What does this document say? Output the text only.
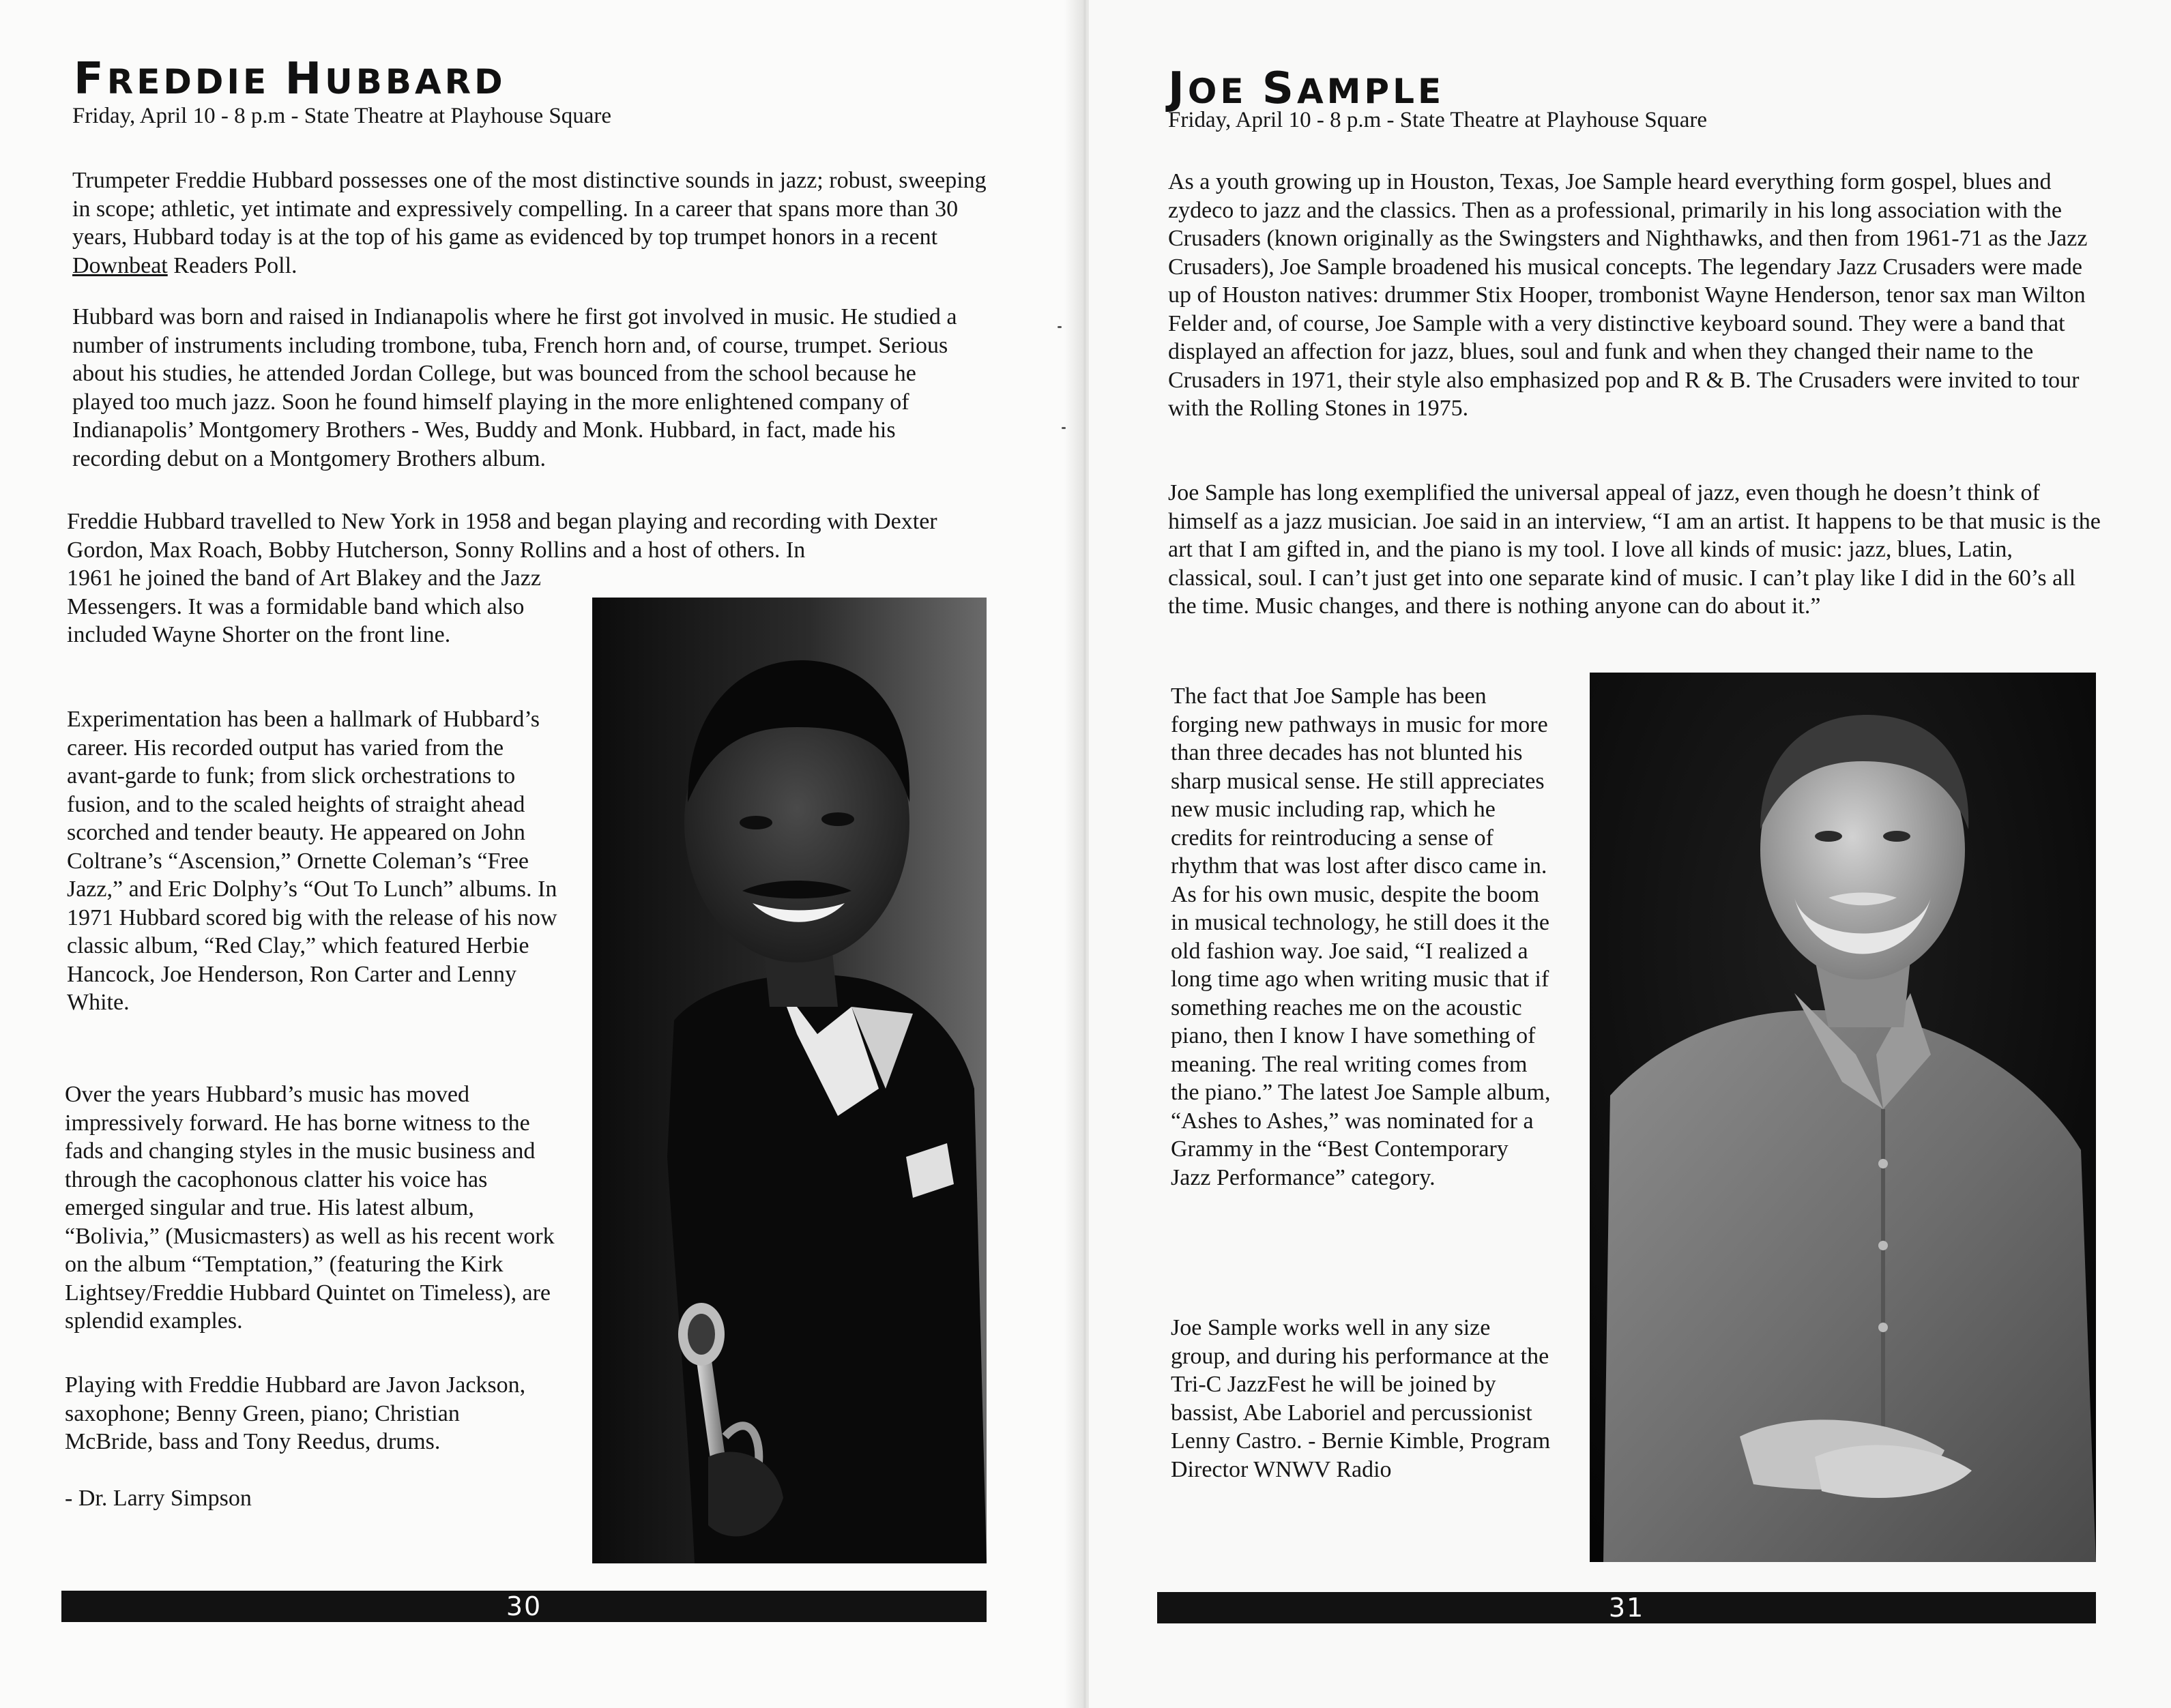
FREDDIE HUBBARD

Friday, April 10 - 8 p.m - State Theatre at Playhouse Square

Trumpeter Freddie Hubbard possesses one of the most distinctive sounds in jazz; robust, sweeping in scope; athletic, yet intimate and expressively compelling. In a career that spans more than 30 years, Hubbard today is at the top of his game as evidenced by top trumpet honors in a recent Downbeat Readers Poll.

Hubbard was born and raised in Indianapolis where he first got involved in music. He studied a number of instruments including trombone, tuba, French horn and, of course, trumpet. Serious about his studies, he attended Jordan College, but was bounced from the school because he played too much jazz. Soon he found himself playing in the more enlightened company of Indianapolis’ Montgomery Brothers - Wes, Buddy and Monk. Hubbard, in fact, made his recording debut on a Montgomery Brothers album.

Freddie Hubbard travelled to New York in 1958 and began playing and recording with Dexter Gordon, Max Roach, Bobby Hutcherson, Sonny Rollins and a host of others. In

1961 he joined the band of Art Blakey and the Jazz Messengers. It was a formidable band which also included Wayne Shorter on the front line.

Experimentation has been a hallmark of Hubbard’s career. His recorded output has varied from the avant-garde to funk; from slick orchestrations to fusion, and to the scaled heights of straight ahead scorched and tender beauty. He appeared on John Coltrane’s “Ascension,” Ornette Coleman’s “Free Jazz,” and Eric Dolphy’s “Out To Lunch” albums. In 1971 Hubbard scored big with the release of his now classic album, “Red Clay,” which featured Herbie Hancock, Joe Henderson, Ron Carter and Lenny White.

Over the years Hubbard’s music has moved impressively forward. He has borne witness to the fads and changing styles in the music business and through the cacophonous clatter his voice has emerged singular and true. His latest album, “Bolivia,” (Musicmasters) as well as his recent work on the album “Temptation,” (featuring the Kirk Lightsey/Freddie Hubbard Quintet on Timeless), are splendid examples.

Playing with Freddie Hubbard are Javon Jackson, saxophone; Benny Green, piano; Christian McBride, bass and Tony Reedus, drums.

- Dr. Larry Simpson

30
JOE SAMPLE

Friday, April 10 - 8 p.m - State Theatre at Playhouse Square

As a youth growing up in Houston, Texas, Joe Sample heard everything form gospel, blues and zydeco to jazz and the classics. Then as a professional, primarily in his long association with the Crusaders (known originally as the Swingsters and Nighthawks, and then from 1961-71 as the Jazz Crusaders), Joe Sample broadened his musical concepts. The legendary Jazz Crusaders were made up of Houston natives: drummer Stix Hooper, trombonist Wayne Henderson, tenor sax man Wilton Felder and, of course, Joe Sample with a very distinctive keyboard sound. They were a band that displayed an affection for jazz, blues, soul and funk and when they changed their name to the Crusaders in 1971, their style also emphasized pop and R & B. The Crusaders were invited to tour with the Rolling Stones in 1975.

Joe Sample has long exemplified the universal appeal of jazz, even though he doesn’t think of himself as a jazz musician. Joe said in an interview, “I am an artist. It happens to be that music is the art that I am gifted in, and the piano is my tool. I love all kinds of music: jazz, blues, Latin, classical, soul. I can’t just get into one separate kind of music. I can’t play like I did in the 60’s all the time. Music changes, and there is nothing anyone can do about it.”

The fact that Joe Sample has been forging new pathways in music for more than three decades has not blunted his sharp musical sense. He still appreciates new music including rap, which he credits for reintroducing a sense of rhythm that was lost after disco came in. As for his own music, despite the boom in musical technology, he still does it the old fashion way. Joe said, “I realized a long time ago when writing music that if something reaches me on the acoustic piano, then I know I have something of meaning. The real writing comes from the piano.” The latest Joe Sample album, “Ashes to Ashes,” was nominated for a Grammy in the “Best Contemporary Jazz Performance” category.

Joe Sample works well in any size group, and during his performance at the Tri-C JazzFest he will be joined by bassist, Abe Laboriel and percussionist Lenny Castro. - Bernie Kimble, Program Director WNWV Radio

31
